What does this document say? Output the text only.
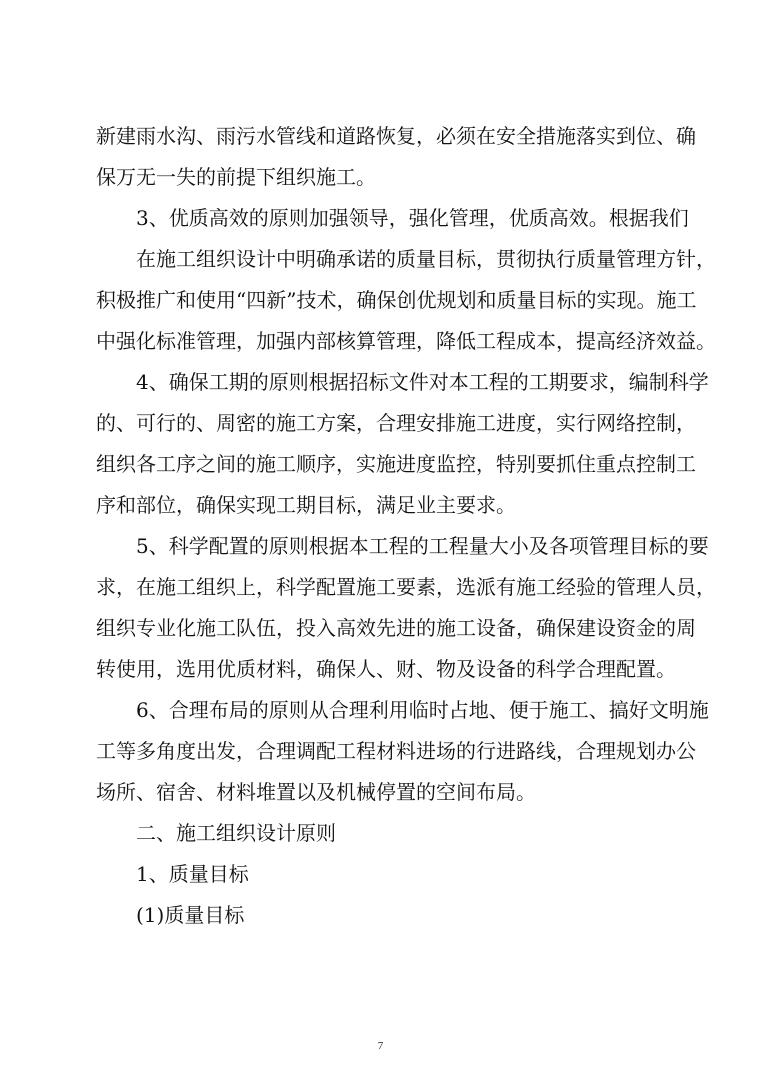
新建雨水沟、雨污水管线和道路恢复，必须在安全措施落实到位、确
保万无一失的前提下组织施工。
3、优质高效的原则加强领导，强化管理，优质高效。根据我们
在施工组织设计中明确承诺的质量目标，贯彻执行质量管理方针，
积极推广和使用“四新”技术，确保创优规划和质量目标的实现。施工
中强化标准管理，加强内部核算管理，降低工程成本，提高经济效益。
4、确保工期的原则根据招标文件对本工程的工期要求，编制科学
的、可行的、周密的施工方案，合理安排施工进度，实行网络控制，
组织各工序之间的施工顺序，实施进度监控，特别要抓住重点控制工
序和部位，确保实现工期目标，满足业主要求。
5、科学配置的原则根据本工程的工程量大小及各项管理目标的要
求，在施工组织上，科学配置施工要素，选派有施工经验的管理人员，
组织专业化施工队伍，投入高效先进的施工设备，确保建设资金的周
转使用，选用优质材料，确保人、财、物及设备的科学合理配置。
6、合理布局的原则从合理利用临时占地、便于施工、搞好文明施
工等多角度出发，合理调配工程材料进场的行进路线，合理规划办公
场所、宿舍、材料堆置以及机械停置的空间布局。
二、施工组织设计原则
1、质量目标
(1)质量目标
7
